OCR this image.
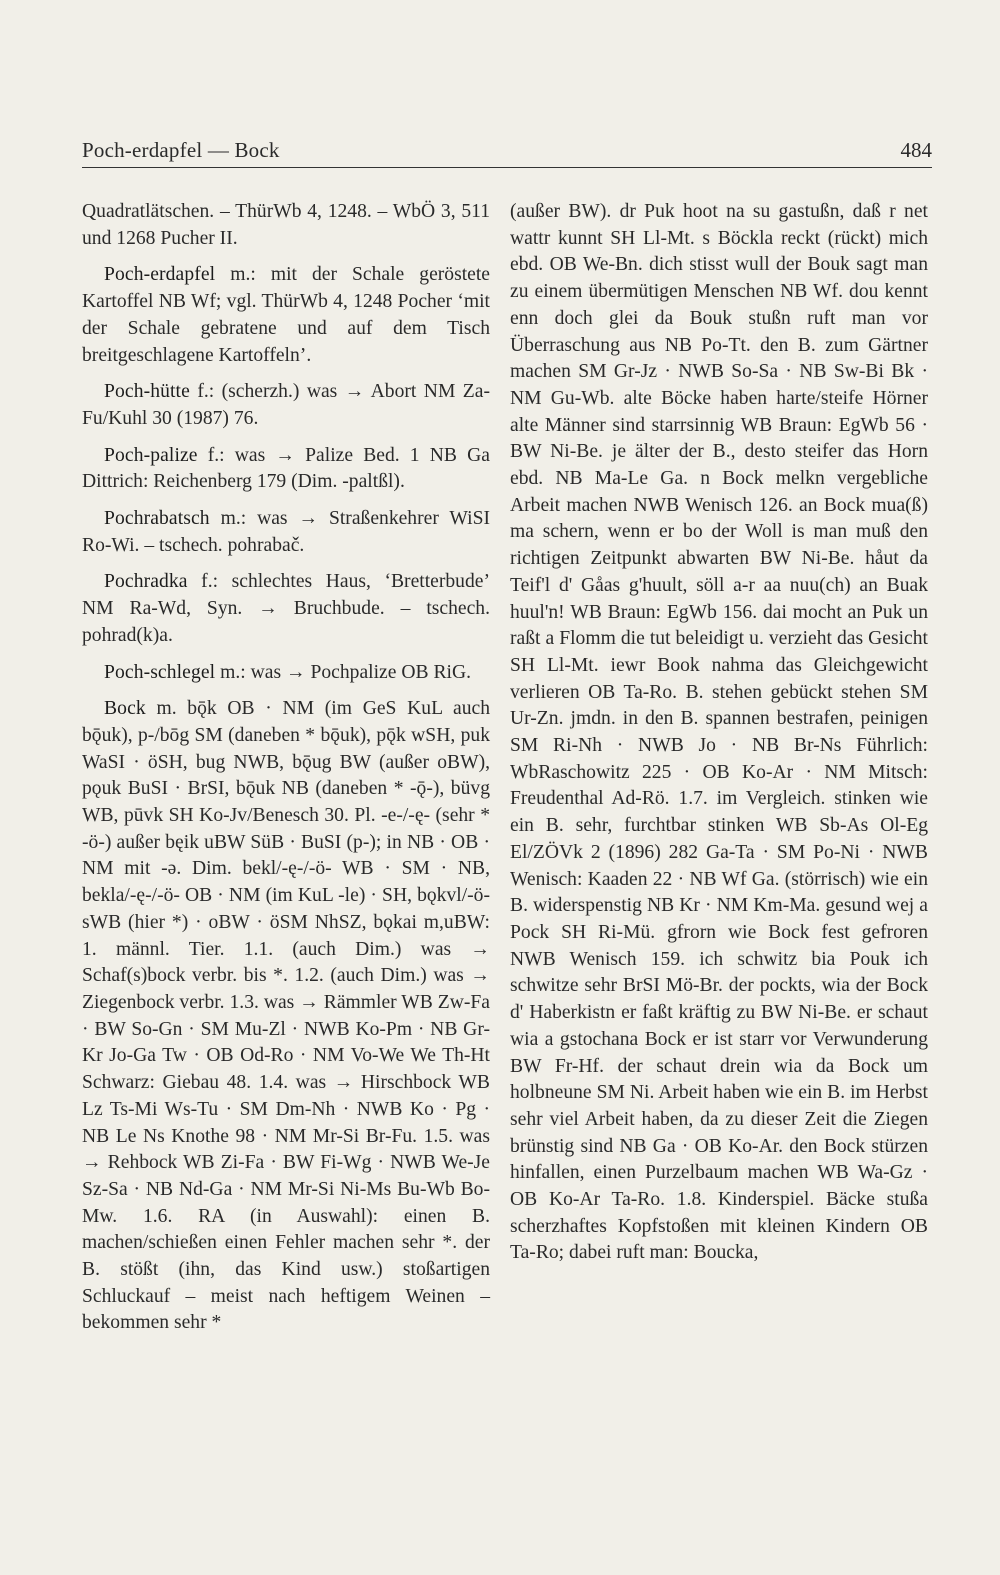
Poch-erdapfel — Bock	484

Quadratlätschen. – ThürWb 4, 1248. – WbÖ 3, 511 und 1268 Pucher II.

Poch-erdapfel m.: mit der Schale geröstete Kartoffel NB Wf; vgl. ThürWb 4, 1248 Pocher ‘mit der Schale gebratene und auf dem Tisch breitgeschlagene Kartoffeln’.

Poch-hütte f.: (scherzh.) was → Abort NM Za-Fu/Kuhl 30 (1987) 76.

Poch-palize f.: was → Palize Bed. 1 NB Ga Dittrich: Reichenberg 179 (Dim. -paltßl).

Pochrabatsch m.: was → Straßenkehrer WiSI Ro-Wi. – tschech. pohrabač.

Pochradka f.: schlechtes Haus, ‘Bretterbude’ NM Ra-Wd, Syn. → Bruchbude. – tschech. pohrad(k)a.

Poch-schlegel m.: was → Pochpalize OB RiG.

Bock m. bǭk OB · NM (im GeS KuL auch bǭuk), p-/bōg SM (daneben * bǭuk), pǭk wSH, puk WaSI · öSH, bug NWB, bǭug BW (außer oBW), pǫuk BuSI · BrSI, bǭuk NB (daneben * -ǭ-), büvg WB, pūvk SH Ko-Jv/Benesch 30. Pl. -e-/-ę- (sehr * -ö-) außer bęik uBW SüB · BuSI (p-); in NB · OB · NM mit -ə. Dim. bekl/-ę-/-ö- WB · SM · NB, bekla/-ę-/-ö- OB · NM (im KuL -le) · SH, bǫkvl/-ö- sWB (hier *) · oBW · öSM NhSZ, bǫkai m,uBW: 1. männl. Tier. 1.1. (auch Dim.) was → Schaf(s)bock verbr. bis *. 1.2. (auch Dim.) was → Ziegenbock verbr. 1.3. was → Rämmler WB Zw-Fa · BW So-Gn · SM Mu-Zl · NWB Ko-Pm · NB Gr-Kr Jo-Ga Tw · OB Od-Ro · NM Vo-We We Th-Ht Schwarz: Giebau 48. 1.4. was → Hirschbock WB Lz Ts-Mi Ws-Tu · SM Dm-Nh · NWB Ko · Pg · NB Le Ns Knothe 98 · NM Mr-Si Br-Fu. 1.5. was → Rehbock WB Zi-Fa · BW Fi-Wg · NWB We-Je Sz-Sa · NB Nd-Ga · NM Mr-Si Ni-Ms Bu-Wb Bo-Mw. 1.6. RA (in Auswahl): einen B. machen/schießen einen Fehler machen sehr *. der B. stößt (ihn, das Kind usw.) stoßartigen Schluckauf – meist nach heftigem Weinen – bekommen sehr *

(außer BW). dr Puk hoot na su gastußn, daß r net wattr kunnt SH Ll-Mt. s Böckla reckt (rückt) mich ebd. OB We-Bn. dich stisst wull der Bouk sagt man zu einem übermütigen Menschen NB Wf. dou kennt enn doch glei da Bouk stußn ruft man vor Überraschung aus NB Po-Tt. den B. zum Gärtner machen SM Gr-Jz · NWB So-Sa · NB Sw-Bi Bk · NM Gu-Wb. alte Böcke haben harte/steife Hörner alte Männer sind starrsinnig WB Braun: EgWb 56 · BW Ni-Be. je älter der B., desto steifer das Horn ebd. NB Ma-Le Ga. n Bock melkn vergebliche Arbeit machen NWB Wenisch 126. an Bock mua(ß) ma schern, wenn er bo der Woll is man muß den richtigen Zeitpunkt abwarten BW Ni-Be. håut da Teif'l d' Gåas g'huult, söll a-r aa nuu(ch) an Buak huul'n! WB Braun: EgWb 156. dai mocht an Puk un raßt a Flomm die tut beleidigt u. verzieht das Gesicht SH Ll-Mt. iewr Book nahma das Gleichgewicht verlieren OB Ta-Ro. B. stehen gebückt stehen SM Ur-Zn. jmdn. in den B. spannen bestrafen, peinigen SM Ri-Nh · NWB Jo · NB Br-Ns Führlich: WbRaschowitz 225 · OB Ko-Ar · NM Mitsch: Freudenthal Ad-Rö. 1.7. im Vergleich. stinken wie ein B. sehr, furchtbar stinken WB Sb-As Ol-Eg El/ZÖVk 2 (1896) 282 Ga-Ta · SM Po-Ni · NWB Wenisch: Kaaden 22 · NB Wf Ga. (störrisch) wie ein B. widerspenstig NB Kr · NM Km-Ma. gesund wej a Pock SH Ri-Mü. gfrorn wie Bock fest gefroren NWB Wenisch 159. ich schwitz bia Pouk ich schwitze sehr BrSI Mö-Br. der pockts, wia der Bock d' Haberkistn er faßt kräftig zu BW Ni-Be. er schaut wia a gstochana Bock er ist starr vor Verwunderung BW Fr-Hf. der schaut drein wia da Bock um holbneune SM Ni. Arbeit haben wie ein B. im Herbst sehr viel Arbeit haben, da zu dieser Zeit die Ziegen brünstig sind NB Ga · OB Ko-Ar. den Bock stürzen hinfallen, einen Purzelbaum machen WB Wa-Gz · OB Ko-Ar Ta-Ro. 1.8. Kinderspiel. Bäcke stußa scherzhaftes Kopfstoßen mit kleinen Kindern OB Ta-Ro; dabei ruft man: Boucka,
